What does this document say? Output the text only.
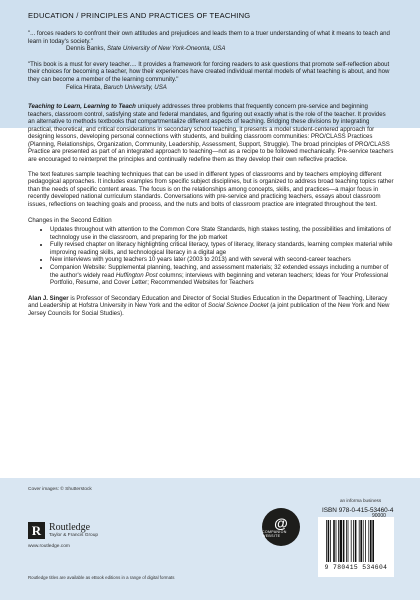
EDUCATION / PRINCIPLES AND PRACTICES OF TEACHING
"... forces readers to confront their own attitudes and prejudices and leads them to a truer understanding of what it means to teach and learn in today's society."
Dennis Banks, State University of New York-Oneonta, USA
"This book is a must for every teacher.... It provides a framework for forcing readers to ask questions that promote self-reflection about their choices for becoming a teacher, how their experiences have created individual mental models of what teaching is about, and how they can become a member of the learning community."
Felica Hirata, Baruch University, USA
Teaching to Learn, Learning to Teach uniquely addresses three problems that frequently concern pre-service and beginning teachers, classroom control, satisfying state and federal mandates, and figuring out exactly what is the role of the teacher. It provides an alternative to methods textbooks that compartmentalize different aspects of teaching. Bridging these divisions by integrating practical, theoretical, and critical considerations in secondary school teaching, it presents a model student-centered approach for designing lessons, developing personal connections with students, and building classroom communities: PRO/CLASS Practices (Planning, Relationships, Organization, Community, Leadership, Assessment, Support, Struggle). The broad principles of PRO/CLASS Practice are presented as part of an integrated approach to teaching—not as a recipe to be followed mechanically. Pre-service teachers are encouraged to reinterpret the principles and continually redefine them as they develop their own reflective practice.
The text features sample teaching techniques that can be used in different types of classrooms and by teachers employing different pedagogical approaches. It includes examples from specific subject disciplines, but is organized to address broad teaching topics rather than the needs of specific content areas. The focus is on the relationships among concepts, skills, and practices—a major focus in recently developed national curriculum standards. Conversations with pre-service and practicing teachers, essays about classroom issues, reflections on teaching goals and process, and the nuts and bolts of classroom practice are integrated throughout the text.
Changes in the Second Edition
• Updates throughout with attention to the Common Core State Standards, high stakes testing, the possibilities and limitations of technology use in the classroom, and preparing for the job market
• Fully revised chapter on literacy highlighting critical literacy, types of literacy, literacy standards, learning complex material while improving reading skills, and technological literacy in a digital age
• New interviews with young teachers 10 years later (2003 to 2013) and with several with second-career teachers
• Companion Website: Supplemental planning, teaching, and assessment materials; 32 extended essays including a number of the author's widely read Huffington Post columns; interviews with beginning and veteran teachers; Ideas for Your Professional Portfolio, Resume, and Cover Letter; Recommended Websites for Teachers
Alan J. Singer is Professor of Secondary Education and Director of Social Studies Education in the Department of Teaching, Literacy and Leadership at Hofstra University in New York and the editor of Social Science Docket (a joint publication of the New York and New Jersey Councils for Social Studies).
Cover images: © Shutterstock
R Routledge
Taylor & Francis Group
www.routledge.com
Routledge titles are available as eBook editions in a range of digital formats
@
COMPANION WEBSITE
an informa business
ISBN 978-0-415-53460-4
9 780415 534604
90000
